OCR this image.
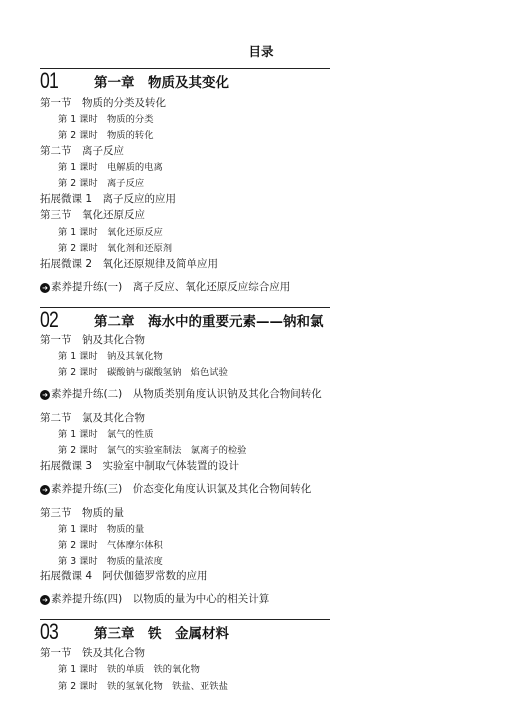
目录
01	第一章　物质及其变化
第一节　物质的分类及转化
第 1 课时　物质的分类
第 2 课时　物质的转化
第二节　离子反应
第 1 课时　电解质的电离
第 2 课时　离子反应
拓展微课 1　离子反应的应用
第三节　氧化还原反应
第 1 课时　氧化还原反应
第 2 课时　氧化剂和还原剂
拓展微课 2　氧化还原规律及简单应用
➜ 素养提升练(一)　离子反应、氧化还原反应综合应用
02	第二章　海水中的重要元素——钠和氯
第一节　钠及其化合物
第 1 课时　钠及其氧化物
第 2 课时　碳酸钠与碳酸氢钠　焰色试验
➜ 素养提升练(二)　从物质类别角度认识钠及其化合物间转化
第二节　氯及其化合物
第 1 课时　氯气的性质
第 2 课时　氯气的实验室制法　氯离子的检验
拓展微课 3　实验室中制取气体装置的设计
➜ 素养提升练(三)　价态变化角度认识氯及其化合物间转化
第三节　物质的量
第 1 课时　物质的量
第 2 课时　气体摩尔体积
第 3 课时　物质的量浓度
拓展微课 4　阿伏伽德罗常数的应用
➜ 素养提升练(四)　以物质的量为中心的相关计算
03	第三章　铁　金属材料
第一节　铁及其化合物
第 1 课时　铁的单质　铁的氧化物
第 2 课时　铁的氢氧化物　铁盐、亚铁盐
